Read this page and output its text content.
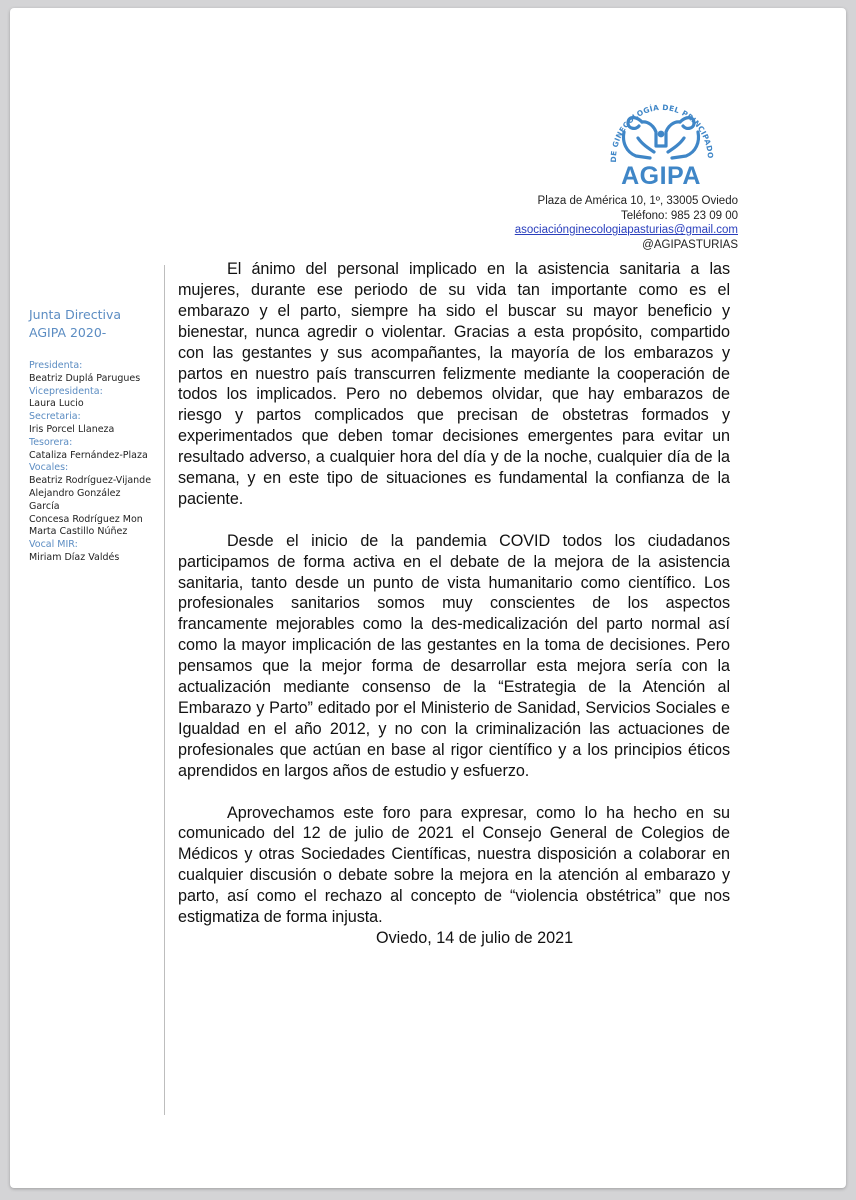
DE GINECOLOGÍA DEL PRINCIPADO
AGIPA
Plaza de América 10, 1º, 33005 Oviedo
Teléfono: 985 23 09 00
asociaciónginecologiapasturias@gmail.com
@AGIPASTURIAS
Junta Directiva
AGIPA 2020-
Presidenta:
Beatriz Duplá Parugues
Vicepresidenta:
Laura Lucio
Secretaria:
Iris Porcel Llaneza
Tesorera:
Cataliza Fernández-Plaza
Vocales:
Beatriz Rodríguez-Vijande
Alejandro González
García
Concesa Rodríguez Mon
Marta Castillo Núñez
Vocal MIR:
Miriam Díaz Valdés

El ánimo del personal implicado en la asistencia sanitaria a las mujeres, durante ese periodo de su vida tan importante como es el embarazo y el parto, siempre ha sido el buscar su mayor beneficio y bienestar, nunca agredir o violentar. Gracias a esta propósito, compartido con las gestantes y sus acompañantes, la mayoría de los embarazos y partos en nuestro país transcurren felizmente mediante la cooperación de todos los implicados. Pero no debemos olvidar, que hay embarazos de riesgo y partos complicados que precisan de obstetras formados y experimentados que deben tomar decisiones emergentes para evitar un resultado adverso, a cualquier hora del día y de la noche, cualquier día de la semana, y en este tipo de situaciones es fundamental la confianza de la paciente.

Desde el inicio de la pandemia COVID todos los ciudadanos participamos de forma activa en el debate de la mejora de la asistencia sanitaria, tanto desde un punto de vista humanitario como científico. Los profesionales sanitarios somos muy conscientes de los aspectos francamente mejorables como la des-medicalización del parto normal así como la mayor implicación de las gestantes en la toma de decisiones. Pero pensamos que la mejor forma de desarrollar esta mejora sería con la actualización mediante consenso de la “Estrategia de la Atención al Embarazo y Parto” editado por el Ministerio de Sanidad, Servicios Sociales e Igualdad en el año 2012, y no con la criminalización las actuaciones de profesionales que actúan en base al rigor científico y a los principios éticos aprendidos en largos años de estudio y esfuerzo.

Aprovechamos este foro para expresar, como lo ha hecho en su comunicado del 12 de julio de 2021 el Consejo General de Colegios de Médicos y otras Sociedades Científicas, nuestra disposición a colaborar en cualquier discusión o debate sobre la mejora en la atención al embarazo y parto, así como el rechazo al concepto de “violencia obstétrica” que nos estigmatiza de forma injusta.

Oviedo, 14 de julio de 2021
